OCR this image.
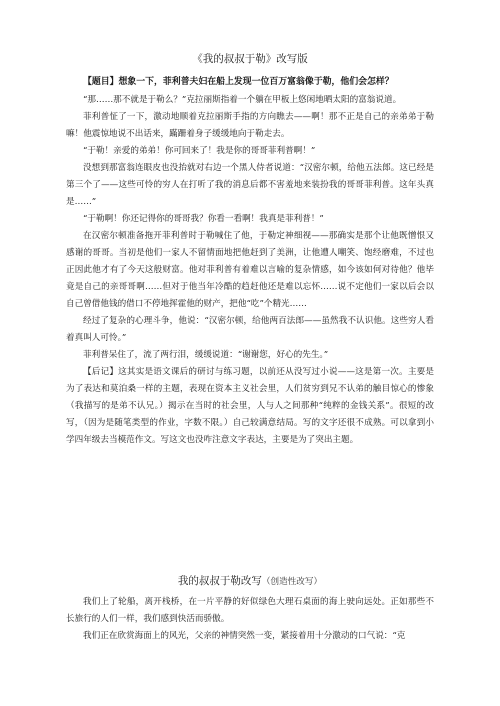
《我的叔叔于勒》改写版
【题目】想象一下，菲利普夫妇在船上发现一位百万富翁像于勒，他们会怎样？

“那……那不就是于勒么？”克拉丽斯指着一个躺在甲板上悠闲地晒太阳的富翁说道。

菲利普怔了一下，激动地顺着克拉丽斯手指的方向瞧去——啊！那不正是自己的亲弟弟于勒嘛！他震惊地说不出话来，蹣跚着身子缓缓地向于勒走去。

“于勒！亲爱的弟弟！你可回来了！我是你的哥哥菲利普啊！”

没想到那富翁连眼皮也没抬就对右边一个黑人侍者说道：“汉密尔顿，给他五法郎。这已经是第三个了——这些可怜的穷人在打听了我的消息后都不害羞地来装扮我的哥哥菲利普。这年头真是……”

“于勒啊！你还记得你的哥哥我？你看一看啊！我真是菲利普！”

在汉密尔顿准备拖开菲利普时于勒喊住了他，于勒定神细视——那确实是那个让他既憎恨又感谢的哥哥。当初是他们一家人不留情面地把他赶到了美洲，让他遭人嘲笑、饱经磨难，不过也正因此他才有了今天这般财富。他对菲利普有着难以言喻的复杂情感，如今该如何对待他？他毕竟是自己的亲哥哥啊……但对于他当年冷酷的趋赶他还是难以忘怀……说不定他们一家以后会以自己曾借他钱的借口不停地挥霍他的财产，把他“吃”个精光……

经过了复杂的心理斗争，他说：“汉密尔顿，给他两百法郎——虽然我不认识他。这些穷人看着真叫人可怜。”

菲利普呆住了，流了两行泪，缓缓说道：“谢谢您，好心的先生。”

【后记】这其实是语文课后的研讨与练习题，以前还从没写过小说——这是第一次。主要是为了表达和莫泊桑一样的主题，表现在资本主义社会里，人们贫穷到兄不认弟的触目惊心的惨象（我描写的是弟不认兄。）揭示在当时的社会里，人与人之间那种“纯粹的金钱关系”。很短的改写，（因为是随笔类型的作业，字数不限。）自己较满意结局。写的文字还很不成熟。可以拿到小学四年级去当模范作文。写这文也没咋注意文字表达，主要是为了突出主题。

我的叔叔于勒改写（创造性改写）

我们上了轮船，离开栈桥，在一片平静的好似绿色大理石桌面的海上驶向远处。正如那些不长旅行的人们一样，我们感到快活而骄傲。

我们正在欣赏海面上的风光，父亲的神情突然一变，紧接着用十分激动的口气说：“克
